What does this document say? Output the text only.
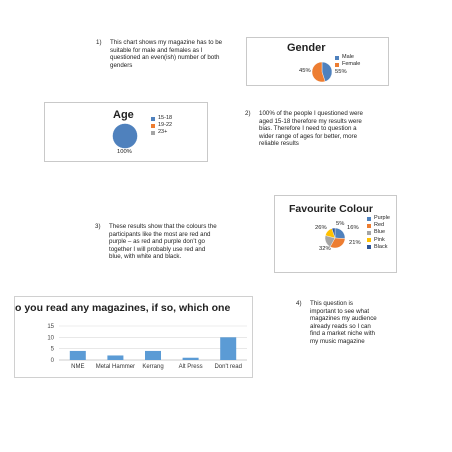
1) This chart shows my magazine has to be
suitable for male and females as I
questioned an even(ish) number of both
genders
Gender
45%	55%
Male
Female
Age
100%
15-18
19-22
23+
2) 100% of the people I questioned were
aged 15-18 therefore my results were
bias. Therefore I need to question a
wider range of ages for better, more
reliable results
Favourite Colour
26%
32%
21%
16%
5%
Purple
Red
Blue
Pink
Black
3) These results show that the colours the
participants like the most are red and
purple – as red and purple don’t go
together I will probably use red and
blue, with white and black.
o you read any magazines, if so, which one
0
5
10
15
NME Metal Hammer Kerrang Alt Press Don't read
4) This question is
important to see what
magazines my audience
already reads so I can
find a market niche with
my music magazine
